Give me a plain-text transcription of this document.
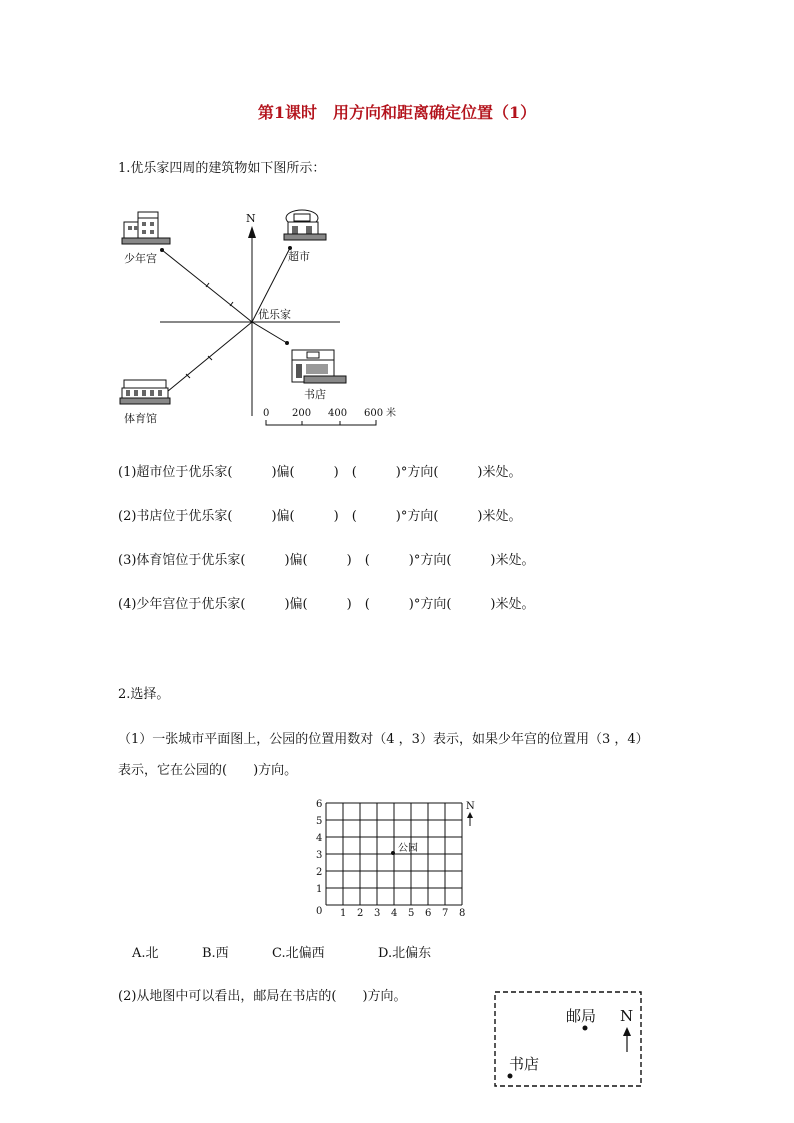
第1课时　用方向和距离确定位置（1）
1.优乐家四周的建筑物如下图所示：
N
优乐家
少年宫	超市
书店
体育馆	0 200 400 600 米
0 1 2 3 4 5 6 7 8
1
2
3
4
5
6
公园
N
邮局
书店
N
(1)超市位于优乐家(　　　)偏(　　　)　(　　　)°方向(　　　)米处。
(2)书店位于优乐家(　　　)偏(　　　)　(　　　)°方向(　　　)米处。
(3)体育馆位于优乐家(　　　)偏(　　　)　(　　　)°方向(　　　)米处。
(4)少年宫位于优乐家(　　　)偏(　　　)　(　　　)°方向(　　　)米处。
2.选择。
（1）一张城市平面图上，公园的位置用数对（4 ，3）表示，如果少年宫的位置用（3 ，4）
表示，它在公园的(　　)方向。
A.北	B.西	C.北偏西	D.北偏东
(2)从地图中可以看出，邮局在书店的(　　)方向。
